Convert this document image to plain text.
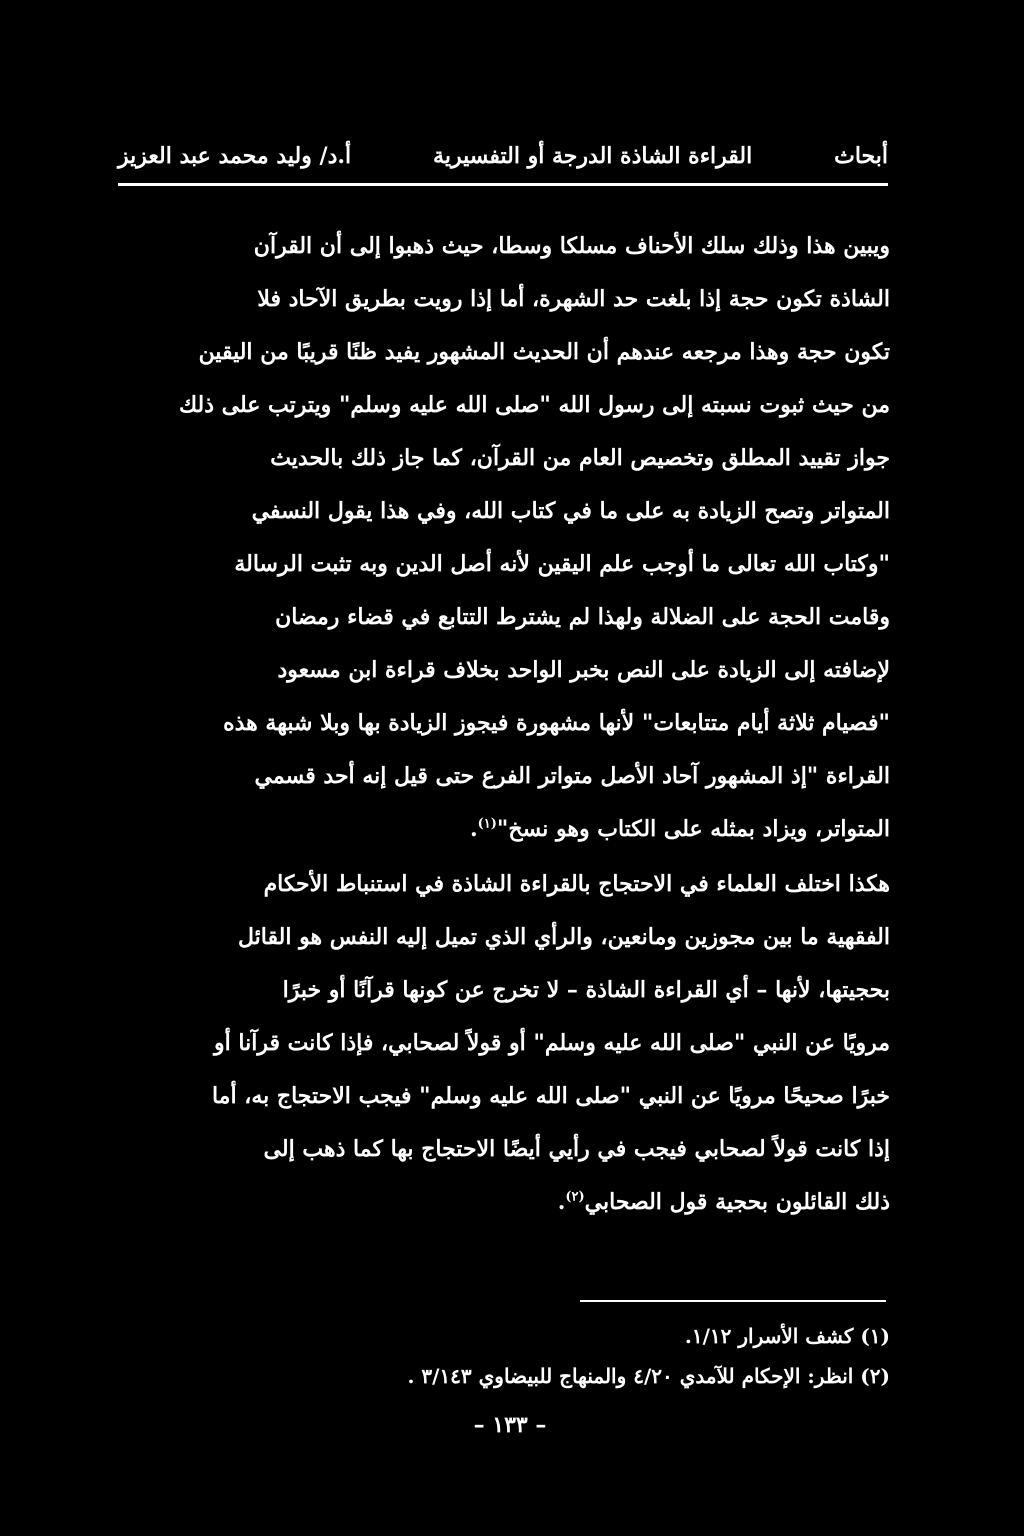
أبحاث
القراءة الشاذة الدرجة أو التفسيرية
أ.د/ وليد محمد عبد العزيز
ويبين هذا وذلك سلك الأحناف مسلكا وسطا، حيث ذهبوا إلى أن القرآن
الشاذة تكون حجة إذا بلغت حد الشهرة، أما إذا رويت بطريق الآحاد فلا
تكون حجة وهذا مرجعه عندهم أن الحديث المشهور يفيد ظنًا قريبًا من اليقين
من حيث ثبوت نسبته إلى رسول الله "صلى الله عليه وسلم" ويترتب على ذلك
جواز تقييد المطلق وتخصيص العام من القرآن، كما جاز ذلك بالحديث
المتواتر وتصح الزيادة به على ما في كتاب الله، وفي هذا يقول النسفي
"وكتاب الله تعالى ما أوجب علم اليقين لأنه أصل الدين وبه تثبت الرسالة
وقامت الحجة على الضلالة ولهذا لم يشترط التتابع في قضاء رمضان
لإضافته إلى الزيادة على النص بخبر الواحد بخلاف قراءة ابن مسعود
"فصيام ثلاثة أيام متتابعات" لأنها مشهورة فيجوز الزيادة بها وبلا شبهة هذه
القراءة "إذ المشهور آحاد الأصل متواتر الفرع حتى قيل إنه أحد قسمي
المتواتر، ويزاد بمثله على الكتاب وهو نسخ"$^{(١)}$.
هكذا اختلف العلماء في الاحتجاج بالقراءة الشاذة في استنباط الأحكام
الفقهية ما بين مجوزين ومانعين، والرأي الذي تميل إليه النفس هو القائل
بحجيتها، لأنها – أي القراءة الشاذة – لا تخرج عن كونها قرآنًا أو خبرًا
مرويًا عن النبي "صلى الله عليه وسلم" أو قولاً لصحابي، فإذا كانت قرآنا أو
خبرًا صحيحًا مرويًا عن النبي "صلى الله عليه وسلم" فيجب الاحتجاج به، أما
إذا كانت قولاً لصحابي فيجب في رأيي أيضًا الاحتجاج بها كما ذهب إلى
ذلك القائلون بحجية قول الصحابي$^{(٢)}$.
(١) كشف الأسرار ١/١٢.
(٢) انظر: الإحكام للآمدي ٤/٢٠ والمنهاج للبيضاوي ٣/١٤٣ .
– ١٣٣ –
